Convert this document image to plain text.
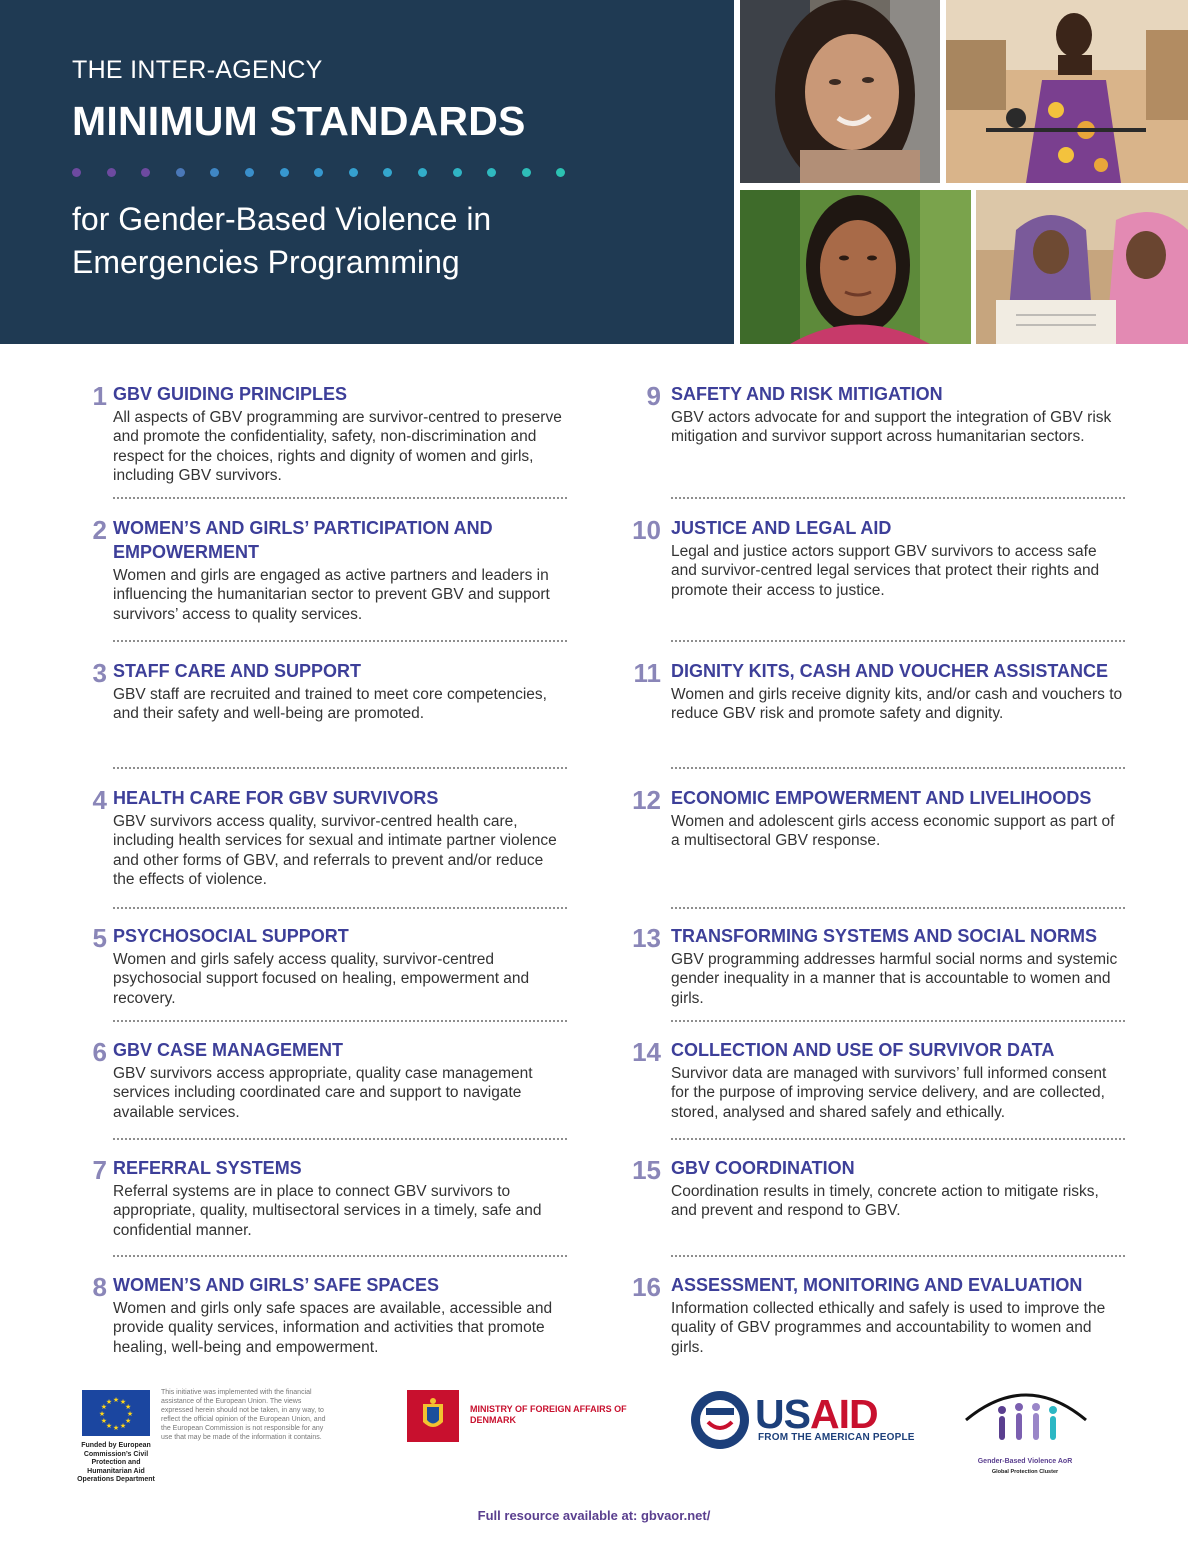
THE INTER-AGENCY
MINIMUM STANDARDS
for Gender-Based Violence in
Emergencies Programming
1 GBV GUIDING PRINCIPLES

All aspects of GBV programming are survivor-centred to preserve and promote the confidentiality, safety, non-discrimination and respect for the choices, rights and dignity of women and girls, including GBV survivors.

2 WOMEN’S AND GIRLS’ PARTICIPATION AND EMPOWERMENT

Women and girls are engaged as active partners and leaders in influencing the humanitarian sector to prevent GBV and support survivors’ access to quality services.

3 STAFF CARE AND SUPPORT

GBV staff are recruited and trained to meet core competencies, and their safety and well-being are promoted.

4 HEALTH CARE FOR GBV SURVIVORS

GBV survivors access quality, survivor-centred health care, including health services for sexual and intimate partner violence and other forms of GBV, and referrals to prevent and/or reduce the effects of violence.

5 PSYCHOSOCIAL SUPPORT

Women and girls safely access quality, survivor-centred psychosocial support focused on healing, empowerment and recovery.

6 GBV CASE MANAGEMENT

GBV survivors access appropriate, quality case management services including coordinated care and support to navigate available services.

7 REFERRAL SYSTEMS

Referral systems are in place to connect GBV survivors to appropriate, quality, multisectoral services in a timely, safe and confidential manner.

8 WOMEN’S AND GIRLS’ SAFE SPACES

Women and girls only safe spaces are available, accessible and provide quality services, information and activities that promote healing, well-being and empowerment.

9 SAFETY AND RISK MITIGATION

GBV actors advocate for and support the integration of GBV risk mitigation and survivor support across humanitarian sectors.

10 JUSTICE AND LEGAL AID

Legal and justice actors support GBV survivors to access safe and survivor-centred legal services that protect their rights and promote their access to justice.

11 DIGNITY KITS, CASH AND VOUCHER ASSISTANCE

Women and girls receive dignity kits, and/or cash and vouchers to reduce GBV risk and promote safety and dignity.

12 ECONOMIC EMPOWERMENT AND LIVELIHOODS

Women and adolescent girls access economic support as part of a multisectoral GBV response.

13 TRANSFORMING SYSTEMS AND SOCIAL NORMS

GBV programming addresses harmful social norms and systemic gender inequality in a manner that is accountable to women and girls.

14 COLLECTION AND USE OF SURVIVOR DATA

Survivor data are managed with survivors’ full informed consent for the purpose of improving service delivery, and are collected, stored, analysed and shared safely and ethically.

15 GBV COORDINATION

Coordination results in timely, concrete action to mitigate risks, and prevent and respond to GBV.

16 ASSESSMENT, MONITORING AND EVALUATION

Information collected ethically and safely is used to improve the quality of GBV programmes and accountability to women and girls.

★
★
★
★
★
★
★
★
★ ★ ★
★
Funded by European Commission’s Civil Protection and Humanitarian Aid Operations Department
This initiative was implemented with the financial assistance of the European Union. The views expressed herein should not be taken, in any way, to reflect the official opinion of the European Union, and the European Commission is not responsible for any use that may be made of the information it contains.
MINISTRY OF FOREIGN AFFAIRS OF DENMARK	USAID
FROM THE AMERICAN PEOPLE
Gender-Based Violence AoR
Global Protection Cluster
Full resource available at: gbvaor.net/
